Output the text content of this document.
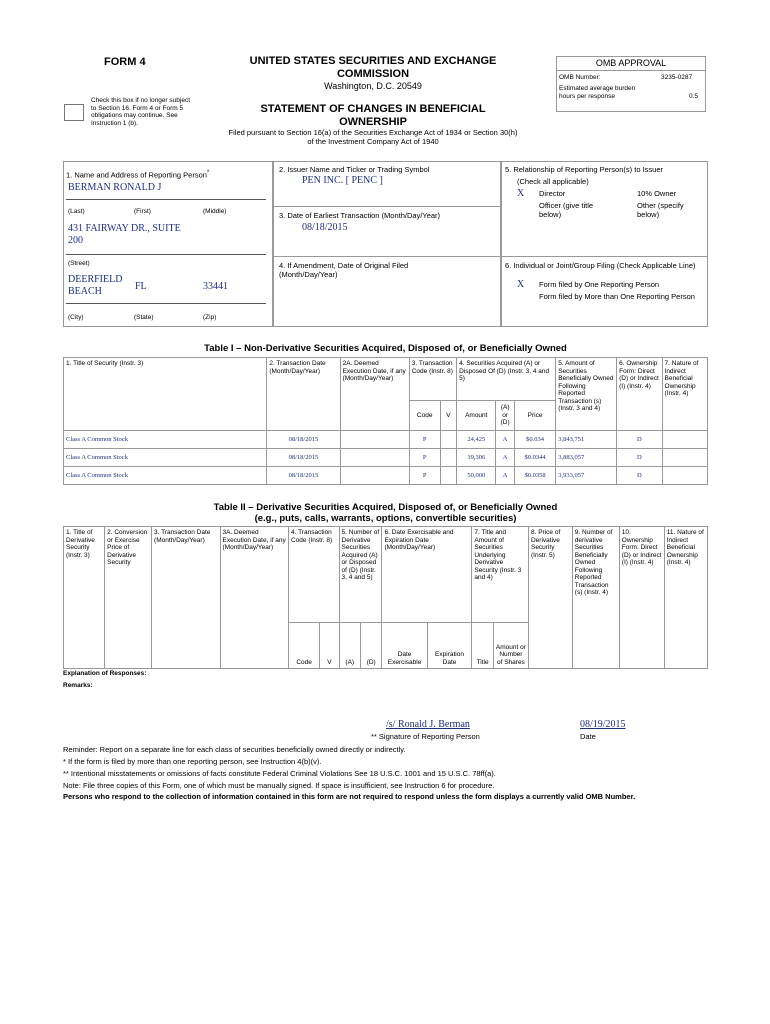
FORM 4	UNITED STATES SECURITIES AND EXCHANGE COMMISSION
Washington, D.C. 20549
Check this box if no longer subject to Section 16. Form 4 or Form 5 obligations may continue. See Instruction 1 (b).
STATEMENT OF CHANGES IN BENEFICIAL OWNERSHIP
Filed pursuant to Section 16(a) of the Securities Exchange Act of 1934 or Section 30(h) of the Investment Company Act of 1940
OMB APPROVAL
OMB Number:	3235-0287
Estimated average burden hours per response	0.5
1. Name and Address of Reporting Person*
BERMAN RONALD J
(Last)	(First)	(Middle)
431 FAIRWAY DR., SUITE 200
(Street)
DEERFIELD BEACH	FL	33441
(City)	(State)	(Zip)
2. Issuer Name and Ticker or Trading Symbol
PEN INC. [ PENC ]
3. Date of Earliest Transaction (Month/Day/Year)
08/18/2015
4. If Amendment, Date of Original Filed (Month/Day/Year)
5. Relationship of Reporting Person(s) to Issuer
(Check all applicable)
X Director	10% Owner
Officer (give title below)
Other (specify below)
6. Individual or Joint/Group Filing (Check Applicable Line)
X Form filed by One Reporting Person
Form filed by More than One Reporting Person
Table I – Non-Derivative Securities Acquired, Disposed of, or Beneficially Owned
1. Title of Security (Instr. 3)	2. Transaction Date (Month/Day/Year)	2A. Deemed Execution Date, if any (Month/Day/Year)	3. Transaction Code (Instr. 8)		4. Securities Acquired (A) or Disposed Of (D) (Instr. 3, 4 and 5)			5. Amount of Securities Beneficially Owned Following Reported Transaction (s) (Instr. 3 and 4)	6. Ownership Form: Direct (D) or Indirect (I) (Instr. 4)	7. Nature of Indirect Beneficial Ownership (Instr. 4)
			Code	V	Amount	(A) or (D)	Price			
Class A Common Stock	08/18/2015		P		24,425	A	$0.034	3,843,751	D	
Class A Common Stock	08/18/2015		P		39,306	A	$0.0344	3,883,057	D	
Class A Common Stock	08/18/2015		P		50,000	A	$0.0358	3,933,057	D	
Table II – Derivative Securities Acquired, Disposed of, or Beneficially Owned
(e.g., puts, calls, warrants, options, convertible securities)
1. Title of Derivative Security (Instr. 3)	2. Conversion or Exercise Price of Derivative Security	3. Transaction Date (Month/Day/Year)	3A. Deemed Execution Date, if any (Month/Day/Year)	4. Transaction Code (Instr. 8)		5. Number of Derivative Securities Acquired (A) or Disposed of (D) (Instr. 3, 4 and 5)		6. Date Exercisable and Expiration Date (Month/Day/Year)		7. Title and Amount of Securities Underlying Derivative Security (Instr. 3 and 4)		8. Price of Derivative Security (Instr. 5)	9. Number of derivative Securities Beneficially Owned Following Reported Transaction (s) (Instr. 4)	10. Ownership Form: Direct (D) or Indirect (I) (Instr. 4)	11. Nature of Indirect Beneficial Ownership (Instr. 4)
				Code	V	(A)	(D)	Date Exercisable	Expiration Date	Title	Amount or Number of Shares				
Explanation of Responses:
Remarks:
/s/ Ronald J. Berman	08/19/2015
** Signature of Reporting Person	Date
Reminder: Report on a separate line for each class of securities beneficially owned directly or indirectly.
* If the form is filed by more than one reporting person, see Instruction 4(b)(v).
** Intentional misstatements or omissions of facts constitute Federal Criminal Violations See 18 U.S.C. 1001 and 15 U.S.C. 78ff(a).
Note: File three copies of this Form, one of which must be manually signed. If space is insufficient, see Instruction 6 for procedure.
Persons who respond to the collection of information contained in this form are not required to respond unless the form displays a currently valid OMB Number.
